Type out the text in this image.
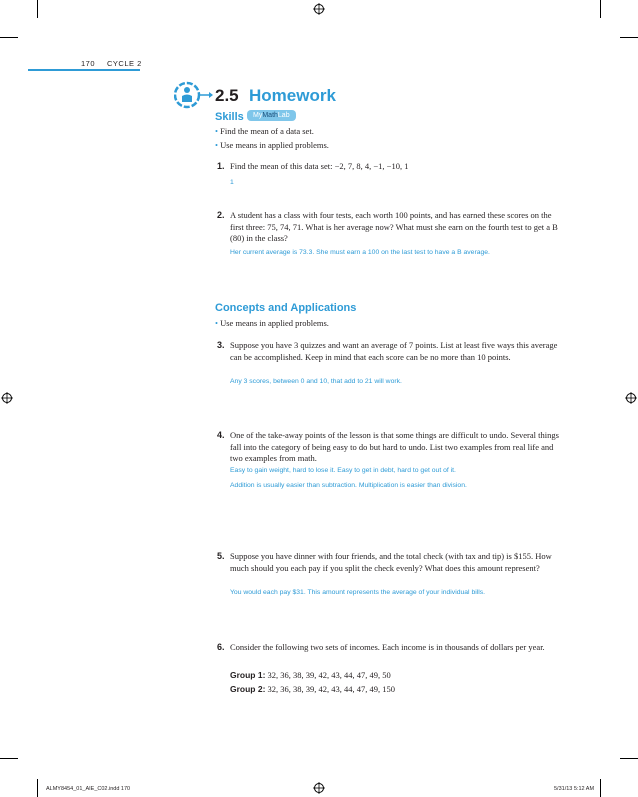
170 CYCLE 2
2.5 Homework
Skills	MyMathLab
• Find the mean of a data set.
• Use means in applied problems.
1. Find the mean of this data set: −2, 7, 8, 4, −1, −10, 1
1
2. A student has a class with four tests, each worth 100 points, and has earned these scores on the first three: 75, 74, 71. What is her average now? What must she earn on the fourth test to get a B (80) in the class?
Her current average is 73.3. She must earn a 100 on the last test to have a B average.
Concepts and Applications
• Use means in applied problems.
3. Suppose you have 3 quizzes and want an average of 7 points. List at least five ways this average can be accomplished. Keep in mind that each score can be no more than 10 points.
Any 3 scores, between 0 and 10, that add to 21 will work.
4. One of the take-away points of the lesson is that some things are difficult to undo. Several things fall into the category of being easy to do but hard to undo. List two examples from real life and two examples from math.
Easy to gain weight, hard to lose it. Easy to get in debt, hard to get out of it.
Addition is usually easier than subtraction. Multiplication is easier than division.
5. Suppose you have dinner with four friends, and the total check (with tax and tip) is $155. How much should you each pay if you split the check evenly? What does this amount represent?
You would each pay $31. This amount represents the average of your individual bills.
6. Consider the following two sets of incomes. Each income is in thousands of dollars per year.
Group 1: 32, 36, 38, 39, 42, 43, 44, 47, 49, 50
Group 2: 32, 36, 38, 39, 42, 43, 44, 47, 49, 150
ALMY8454_01_AIE_C02.indd 170	5/31/13 5:12 AM
